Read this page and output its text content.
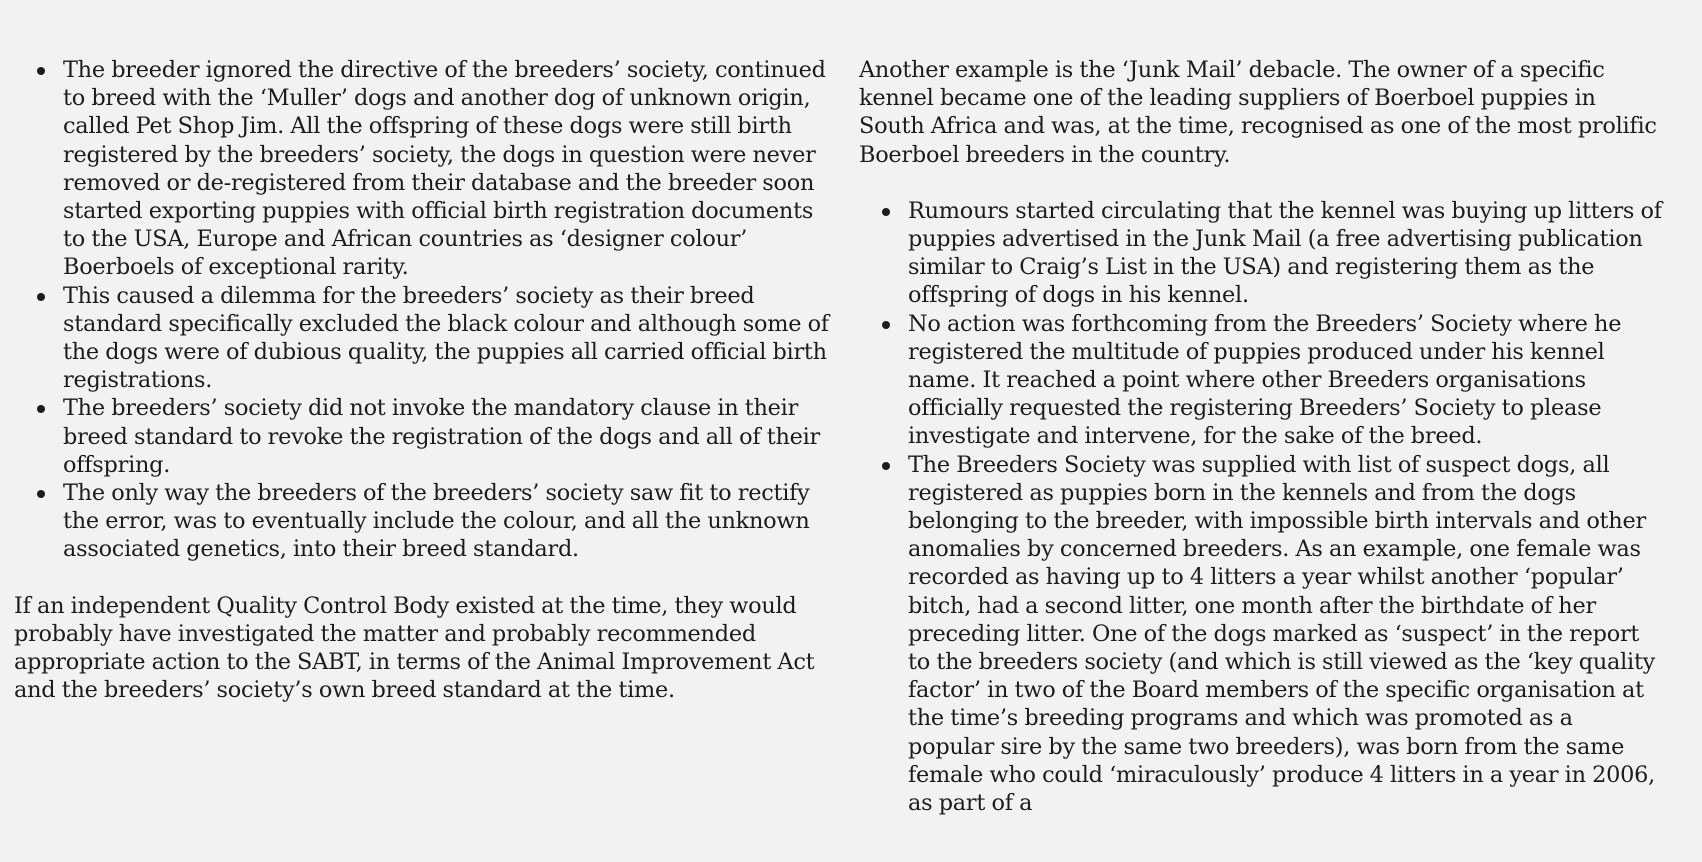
The breeder ignored the directive of the breeders’ society, continued to breed with the ‘Muller’ dogs and another dog of unknown origin, called Pet Shop Jim. All the offspring of these dogs were still birth registered by the breeders’ society, the dogs in question were never removed or de-registered from their database and the breeder soon started exporting puppies with official birth registration documents to the USA, Europe and African countries as ‘designer colour’ Boerboels of exceptional rarity.
This caused a dilemma for the breeders’ society as their breed standard specifically excluded the black colour and although some of the dogs were of dubious quality, the puppies all carried official birth registrations.
The breeders’ society did not invoke the mandatory clause in their breed standard to revoke the registration of the dogs and all of their offspring.
The only way the breeders of the breeders’ society saw fit to rectify the error, was to eventually include the colour, and all the unknown associated genetics, into their breed standard.

If an independent Quality Control Body existed at the time, they would probably have investigated the matter and probably recommended appropriate action to the SABT, in terms of the Animal Improvement Act and the breeders’ society’s own breed standard at the time.

Another example is the ‘Junk Mail’ debacle. The owner of a specific kennel became one of the leading suppliers of Boerboel puppies in South Africa and was, at the time, recognised as one of the most prolific Boerboel breeders in the country.

Rumours started circulating that the kennel was buying up litters of puppies advertised in the Junk Mail (a free advertising publication similar to Craig’s List in the USA) and registering them as the offspring of dogs in his kennel.
No action was forthcoming from the Breeders’ Society where he registered the multitude of puppies produced under his kennel name. It reached a point where other Breeders organisations officially requested the registering Breeders’ Society to please investigate and intervene, for the sake of the breed.
The Breeders Society was supplied with list of suspect dogs, all registered as puppies born in the kennels and from the dogs belonging to the breeder, with impossible birth intervals and other anomalies by concerned breeders. As an example, one female was recorded as having up to 4 litters a year whilst another ‘popular’ bitch, had a second litter, one month after the birthdate of her preceding litter. One of the dogs marked as ‘suspect’ in the report to the breeders society (and which is still viewed as the ‘key quality factor’ in two of the Board members of the specific organisation at the time’s breeding programs and which was promoted as a popular sire by the same two breeders), was born from the same female who could ‘miraculously’ produce 4 litters in a year in 2006, as part of a
